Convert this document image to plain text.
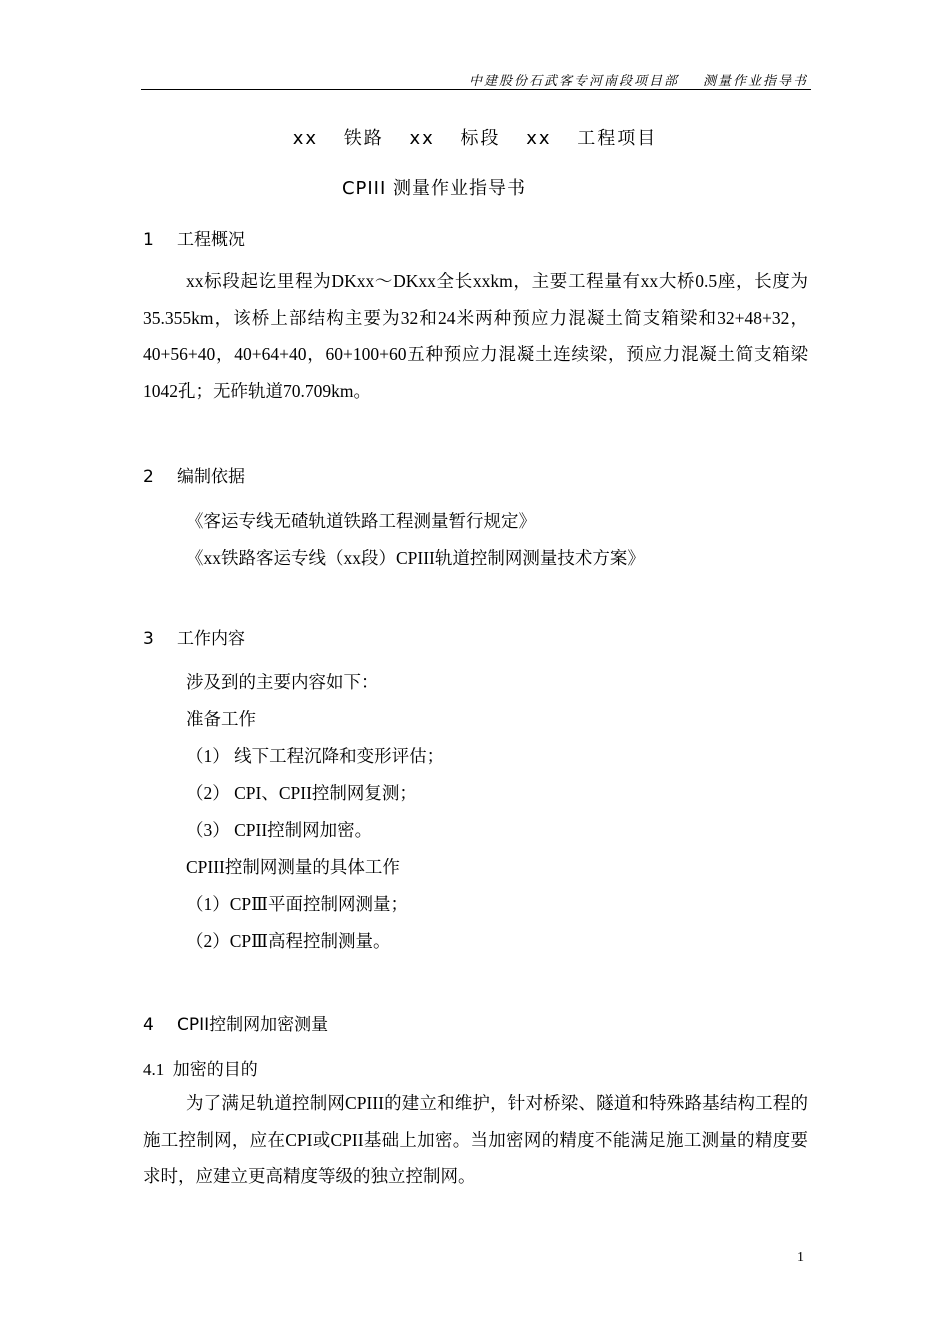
中建股份石武客专河南段项目部 测量作业指导书
xx 铁路 xx 标段 xx 工程项目
CPIII 测量作业指导书
1 工程概况
xx标段起讫里程为DKxx～DKxx全长xxkm，主要工程量有xx大桥0.5座，长度为35.355km，该桥上部结构主要为32和24米两种预应力混凝土简支箱梁和32+48+32，40+56+40，40+64+40，60+100+60五种预应力混凝土连续梁，预应力混凝土简支箱梁1042孔；无砟轨道70.709km。
2 编制依据
《客运专线无碴轨道铁路工程测量暂行规定》
《xx铁路客运专线（xx段）CPIII轨道控制网测量技术方案》
3 工作内容
涉及到的主要内容如下：
准备工作
（1） 线下工程沉降和变形评估；
（2） CPI、CPII控制网复测；
（3） CPII控制网加密。
CPIII控制网测量的具体工作
（1）CPⅢ平面控制网测量；
（2）CPⅢ高程控制测量。
4 CPII控制网加密测量
4.1 加密的目的
为了满足轨道控制网CPIII的建立和维护，针对桥梁、隧道和特殊路基结构工程的施工控制网，应在CPI或CPII基础上加密。当加密网的精度不能满足施工测量的精度要求时，应建立更高精度等级的独立控制网。
1
